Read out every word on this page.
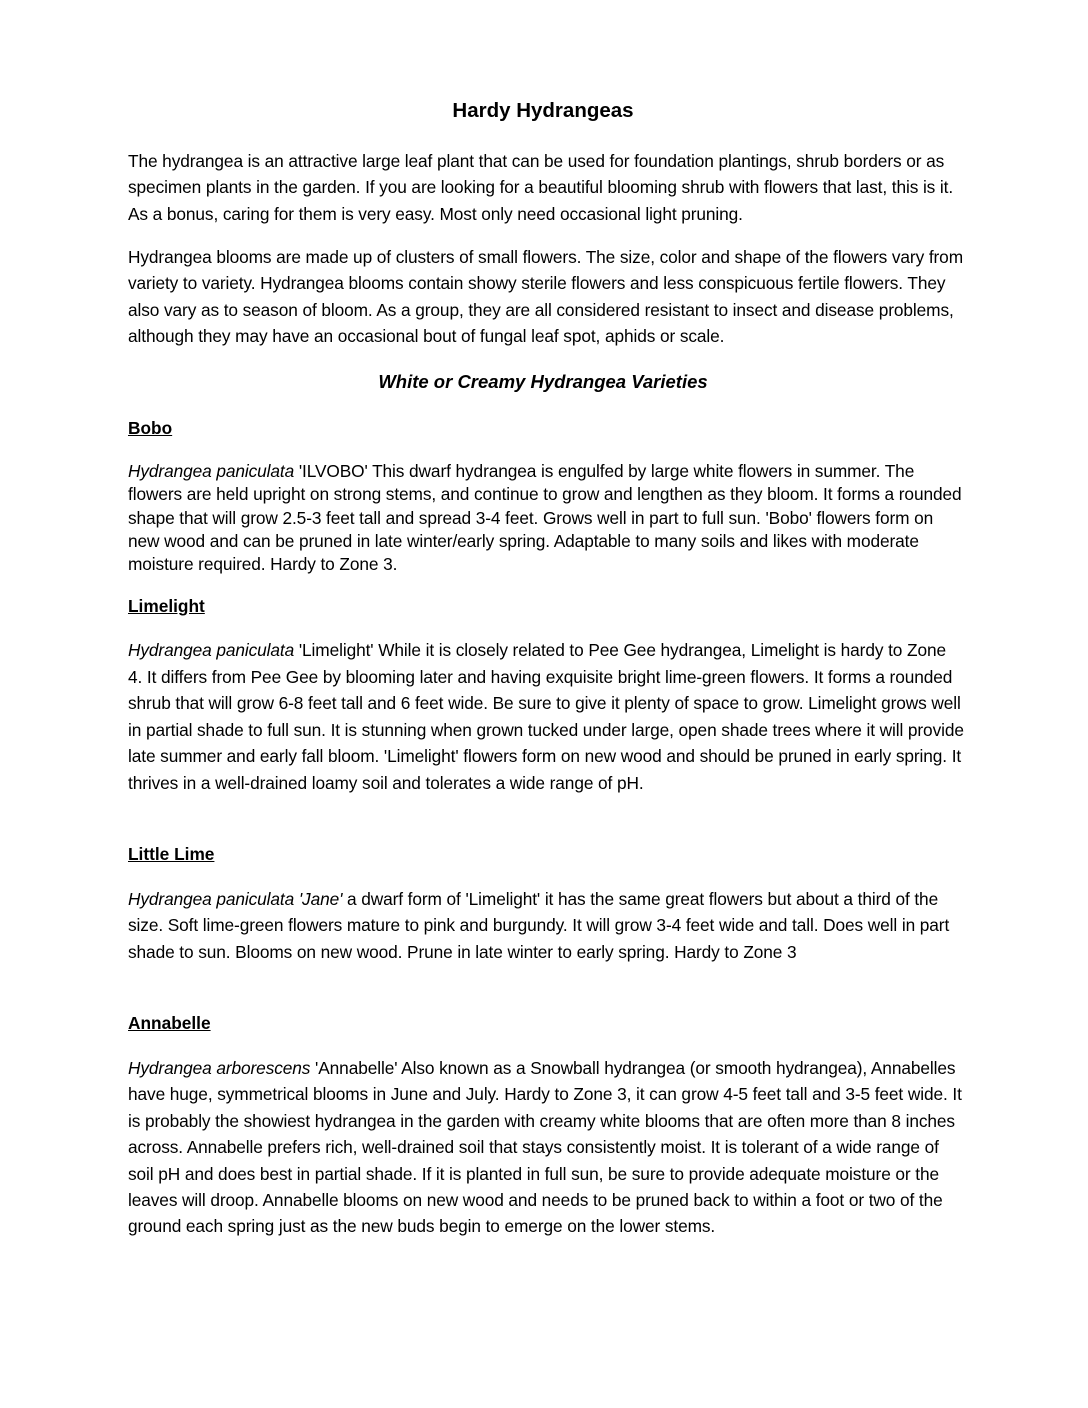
Hardy Hydrangeas

The hydrangea is an attractive large leaf plant that can be used for foundation plantings, shrub borders or as specimen plants in the garden. If you are looking for a beautiful blooming shrub with flowers that last, this is it. As a bonus, caring for them is very easy. Most only need occasional light pruning.

Hydrangea blooms are made up of clusters of small flowers. The size, color and shape of the flowers vary from variety to variety. Hydrangea blooms contain showy sterile flowers and less conspicuous fertile flowers. They also vary as to season of bloom. As a group, they are all considered resistant to insect and disease problems, although they may have an occasional bout of fungal leaf spot, aphids or scale.

White or Creamy Hydrangea Varieties
Bobo

Hydrangea paniculata 'ILVOBO' This dwarf hydrangea is engulfed by large white flowers in summer. The flowers are held upright on strong stems, and continue to grow and lengthen as they bloom. It forms a rounded shape that will grow 2.5-3 feet tall and spread 3-4 feet. Grows well in part to full sun. 'Bobo' flowers form on new wood and can be pruned in late winter/early spring. Adaptable to many soils and likes with moderate moisture required. Hardy to Zone 3.

Limelight

Hydrangea paniculata 'Limelight' While it is closely related to Pee Gee hydrangea, Limelight is hardy to Zone 4. It differs from Pee Gee by blooming later and having exquisite bright lime-green flowers. It forms a rounded shrub that will grow 6-8 feet tall and 6 feet wide. Be sure to give it plenty of space to grow. Limelight grows well in partial shade to full sun. It is stunning when grown tucked under large, open shade trees where it will provide late summer and early fall bloom. 'Limelight' flowers form on new wood and should be pruned in early spring. It thrives in a well-drained loamy soil and tolerates a wide range of pH.

Little Lime

Hydrangea paniculata 'Jane' a dwarf form of 'Limelight' it has the same great flowers but about a third of the size. Soft lime-green flowers mature to pink and burgundy. It will grow 3-4 feet wide and tall. Does well in part shade to sun. Blooms on new wood. Prune in late winter to early spring. Hardy to Zone 3

Annabelle

Hydrangea arborescens 'Annabelle' Also known as a Snowball hydrangea (or smooth hydrangea), Annabelles have huge, symmetrical blooms in June and July. Hardy to Zone 3, it can grow 4-5 feet tall and 3-5 feet wide. It is probably the showiest hydrangea in the garden with creamy white blooms that are often more than 8 inches across. Annabelle prefers rich, well-drained soil that stays consistently moist. It is tolerant of a wide range of soil pH and does best in partial shade. If it is planted in full sun, be sure to provide adequate moisture or the leaves will droop. Annabelle blooms on new wood and needs to be pruned back to within a foot or two of the ground each spring just as the new buds begin to emerge on the lower stems.
